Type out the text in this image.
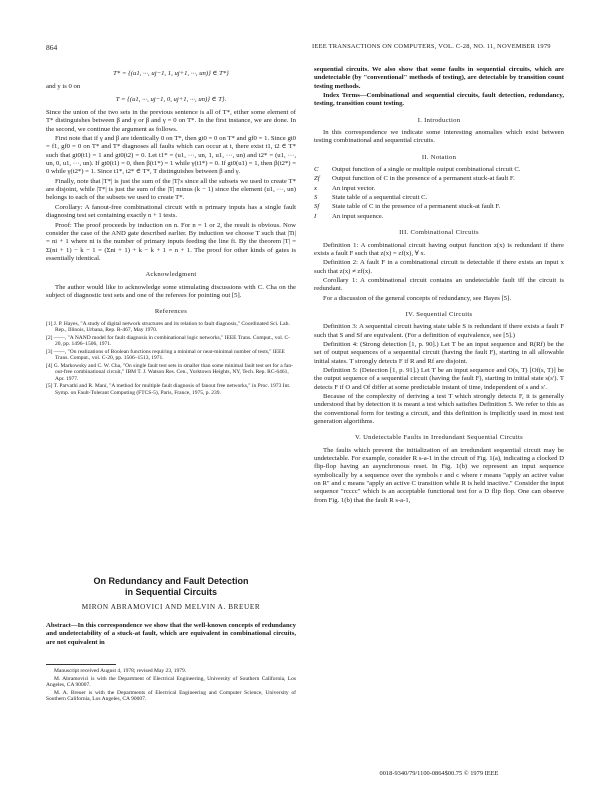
864	IEEE TRANSACTIONS ON COMPUTERS, VOL. C-28, NO. 11, NOVEMBER 1979
T* = {(u1, ···, uj−1, 1, uj+1, ···, un)} ∈ T*}

and y is 0 on

T = {(u1, ···, uj−1, 0, uj+1, ···, un)} ∈ T}.

Since the union of the two sets in the previous sentence is all of T*, either some element of T* distinguishes between β and γ or β and γ = 0 on T*. In the first instance, we are done. In the second, we continue the argument as follows.

First note that if γ and β are identically 0 on T*, then gt0 = 0 on T* and gf0 = 1. Since gt0 = f1, gf0 = 0 on T* and T* diagnoses all faults which can occur at t, there exist t1, t2 ∈ T* such that gt0(t1) = 1 and gt0(t2) = 0. Let t1* = (u1, ···, un, 1, u1, ···, un) and t2* = (u1, ···, un, 0, u1, ···, un). If gt0(t1) = 0, then β(t1*) = 1 while γ(t1*) = 0. If gt0(u1) = 1, then β(t2*) = 0 while γ(t2*) = 1. Since t1*, t2* ∈ T*, T distinguishes between β and γ.

Finally, note that |T*| is just the sum of the |T|'s since all the subsets we used to create T* are disjoint, while |T*| is just the sum of the |T| minus (k − 1) since the element (u1, ···, un) belongs to each of the subsets we used to create T*.

Corollary: A fanout-free combinational circuit with n primary inputs has a single fault diagnosing test set containing exactly n + 1 tests.

Proof: The proof proceeds by induction on n. For n = 1 or 2, the result is obvious. Now consider the case of the AND gate described earlier. By induction we choose T such that |Ti| = ni + 1 where ni is the number of primary inputs feeding the line fi. By the theorem |T| = Σ(ni + 1) − k − 1 = (Σni + 1) + k − k + 1 = n + 1. The proof for other kinds of gates is essentially identical.

Acknowledgment

The author would like to acknowledge some stimulating discussions with C. Cha on the subject of diagnostic test sets and one of the referees for pointing out [5].

References
[1] J. P. Hayes, "A study of digital network structures and its relation to fault diagnosis," Coordinated Sci. Lab. Rep., Illinois, Urbana, Rep. R-467, May 1970.
[2] ——, "A NAND model for fault diagnosis in combinational logic networks," IEEE Trans. Comput., vol. C-20, pp. 1496–1506, 1971.
[3] ——, "On realizations of Boolean functions requiring a minimal or near-minimal number of tests," IEEE Trans. Comput., vol. C-20, pp. 1506–1513, 1971.
[4] G. Markowsky and C. W. Cha, "On single fault test sets in smaller than some minimal fault test set for a fan-out-free combinational circuit," IBM T. J. Watson Res. Cen., Yorktown Heights, NY, Tech. Rep. RC-6461, Apr. 1977.
[5] T. Parvathi and R. Mani, "A method for multiple fault diagnosis of fanout free networks," in Proc. 1973 Int. Symp. on Fault-Tolerant Computing (FTCS-5), Paris, France, 1975, p. 239.
On Redundancy and Fault Detection
in Sequential Circuits
MIRON ABRAMOVICI AND MELVIN A. BREUER
Abstract—In this correspondence we show that the well-known concepts of redundancy and undetectability of a stuck-at fault, which are equivalent in combinational circuits, are not equivalent in

Manuscript received August 4, 1978; revised May 23, 1979.

M. Abramovici is with the Department of Electrical Engineering, University of Southern California, Los Angeles, CA 90007.

M. A. Breuer is with the Departments of Electrical Engineering and Computer Science, University of Southern California, Los Angeles, CA 90007.

sequential circuits. We also show that some faults in sequential circuits, which are undetectable (by "conventional" methods of testing), are detectable by transition count testing methods.

Index Terms—Combinational and sequential circuits, fault detection, redundancy, testing, transition count testing.

I. Introduction

In this correspondence we indicate some interesting anomalies which exist between testing combinational and sequential circuits.

II. Notation
C	Output function of a single or multiple output combinational circuit C.
Zf	Output function of C in the presence of a permanent stuck-at fault F.
x	An input vector.
S	State table of a sequential circuit C.
Sf	State table of C in the presence of a permanent stuck-at fault F.
I	An input sequence.
III. Combinational Circuits

Definition 1: A combinational circuit having output function z(x) is redundant if there exists a fault F such that z(x) = zf(x), ∀ x.

Definition 2: A fault F in a combinational circuit is detectable if there exists an input x such that z(x) ≠ zf(x).

Corollary 1: A combinational circuit contains an undetectable fault iff the circuit is redundant.

For a discussion of the general concepts of redundancy, see Hayes [5].

IV. Sequential Circuits

Definition 3: A sequential circuit having state table S is redundant if there exists a fault F such that S and Sf are equivalent. (For a definition of equivalence, see [5].)

Definition 4: (Strong detection [1, p. 90].) Let T be an input sequence and R(Rf) be the set of output sequences of a sequential circuit (having the fault F), starting in all allowable initial states. T strongly detects F if R and Rf are disjoint.

Definition 5: (Detection [1, p. 91].) Let T be an input sequence and O(s, T) [Of(s, T)] be the output sequence of a sequential circuit (having the fault F), starting in initial state s(s′). T detects F if O and Of differ at some predictable instant of time, independent of s and s′.

Because of the complexity of deriving a test T which strongly detects F, it is generally understood that by detection it is meant a test which satisfies Definition 5. We refer to this as the conventional form for testing a circuit, and this definition is implicitly used in most test generation algorithms.

V. Undetectable Faults in Irredundant Sequential Circuits

The faults which prevent the initialization of an irredundant sequential circuit may be undetectable. For example, consider R s-a-1 in the circuit of Fig. 1(a), indicating a clocked D flip-flop having an asynchronous reset. In Fig. 1(b) we represent an input sequence symbolically by a sequence over the symbols r and c where r means "apply an active value on R" and c means "apply an active C transition while R is held inactive." Consider the input sequence "rcccc" which is an acceptable functional test for a D flip flop. One can observe from Fig. 1(b) that the fault R s-a-1,

0018-9340/79/1100-0864$00.75 © 1979 IEEE
